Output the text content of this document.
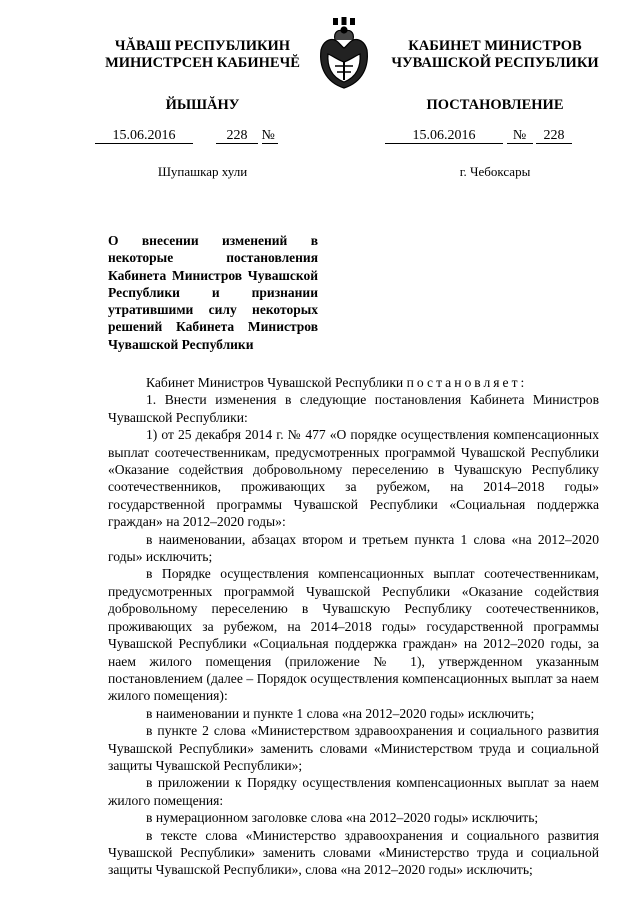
ЧĂВАШ РЕСПУБЛИКИН
МИНИСТРСЕН КАБИНЕЧĔ
ЙЫШĂНУ
КАБИНЕТ МИНИСТРОВ
ЧУВАШСКОЙ РЕСПУБЛИКИ
ПОСТАНОВЛЕНИЕ
15.06.2016	228 №	15.06.2016	№ 228
Шупашкар хули	г. Чебоксары
О внесении изменений в некоторые постановления Кабинета Министров Чувашской Республики и признании утратившими силу некоторых решений Кабинета Министров Чувашской Республики

Кабинет Министров Чувашской Республики постановляет:

1. Внести изменения в следующие постановления Кабинета Министров Чувашской Республики:

1) от 25 декабря 2014 г. № 477 «О порядке осуществления компенсационных выплат соотечественникам, предусмотренных программой Чувашской Республики «Оказание содействия добровольному переселению в Чувашскую Республику соотечественников, проживающих за рубежом, на 2014–2018 годы» государственной программы Чувашской Республики «Социальная поддержка граждан» на 2012–2020 годы»:

в наименовании, абзацах втором и третьем пункта 1 слова «на 2012–2020 годы» исключить;

в Порядке осуществления компенсационных выплат соотечественникам, предусмотренных программой Чувашской Республики «Оказание содействия добровольному переселению в Чувашскую Республику соотечественников, проживающих за рубежом, на 2014–2018 годы» государственной программы Чувашской Республики «Социальная поддержка граждан» на 2012–2020 годы, за наем жилого помещения (приложение № 1), утвержденном указанным постановлением (далее – Порядок осуществления компенсационных выплат за наем жилого помещения):

в наименовании и пункте 1 слова «на 2012–2020 годы» исключить;

в пункте 2 слова «Министерством здравоохранения и социального развития Чувашской Республики» заменить словами «Министерством труда и социальной защиты Чувашской Республики»;

в приложении к Порядку осуществления компенсационных выплат за наем жилого помещения:

в нумерационном заголовке слова «на 2012–2020 годы» исключить;

в тексте слова «Министерство здравоохранения и социального развития Чувашской Республики» заменить словами «Министерство труда и социальной защиты Чувашской Республики», слова «на 2012–2020 годы» исключить;
